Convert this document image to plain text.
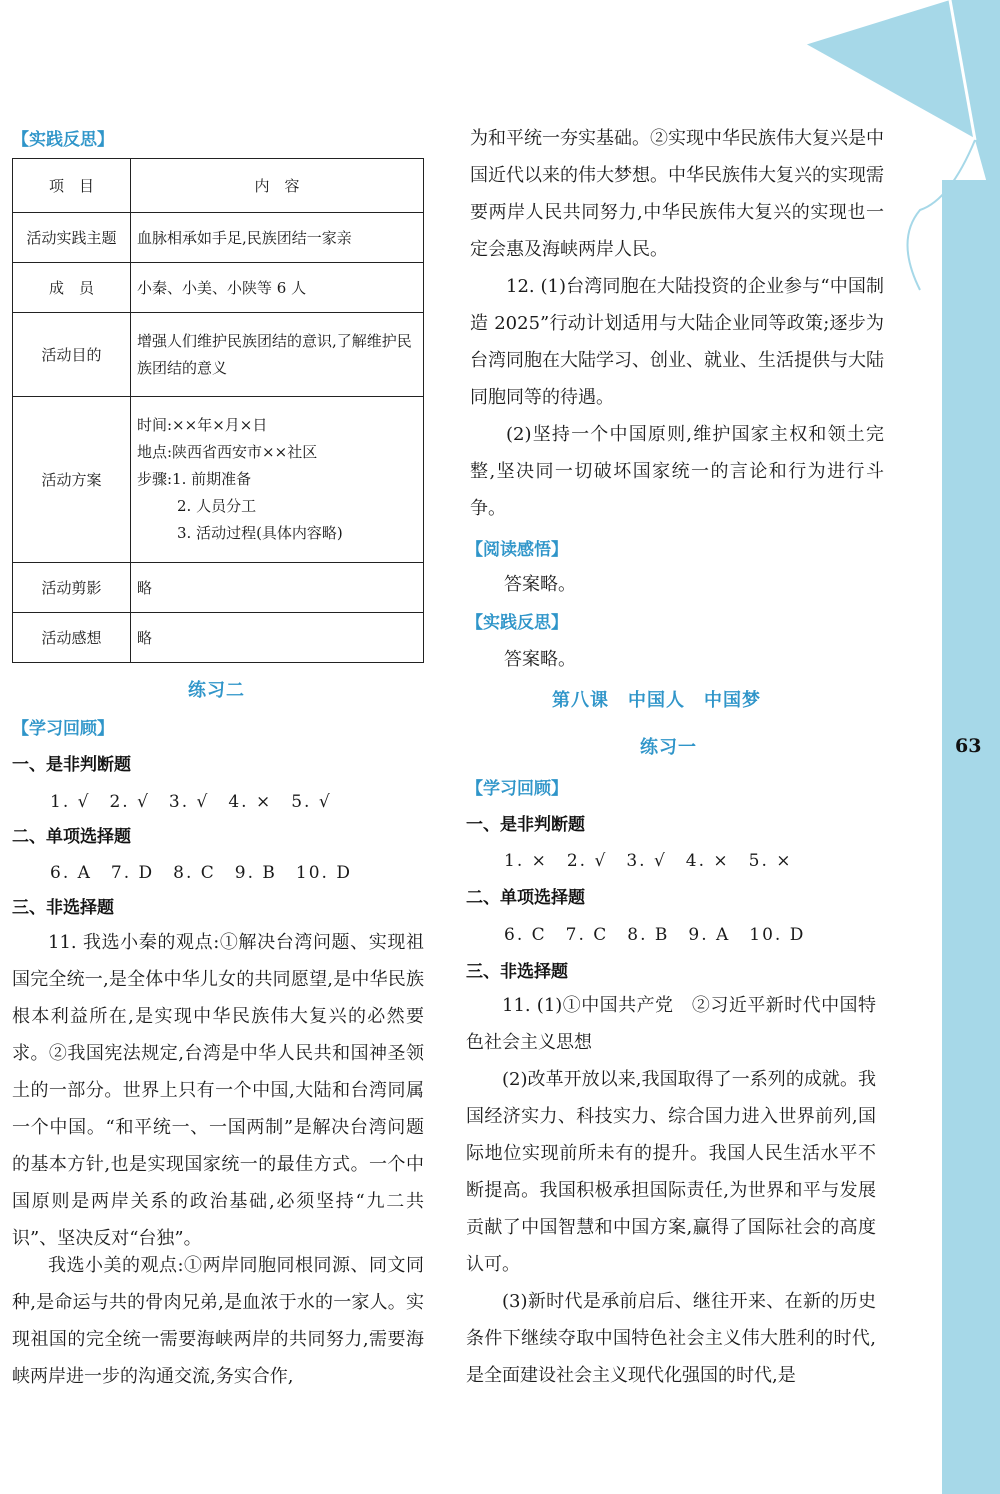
63
【实践反思】
项　目	内　容
活动实践主题	血脉相承如手足,民族团结一家亲
成　员	小秦、小美、小陕等 6 人
活动目的	增强人们维护民族团结的意识,了解维护民族团结的意义
活动方案	时间:××年×月×日
地点:陕西省西安市××社区
步骤:1. 前期准备
2. 人员分工
3. 活动过程(具体内容略)

活动剪影	略
活动感想	略
练习二
【学习回顾】
一、是非判断题
1. √　2. √　3. √　4. ×　5. √
二、单项选择题
6. A　7. D　8. C　9. B　10. D
三、非选择题
11. 我选小秦的观点:①解决台湾问题、实现祖国完全统一,是全体中华儿女的共同愿望,是中华民族根本利益所在,是实现中华民族伟大复兴的必然要求。②我国宪法规定,台湾是中华人民共和国神圣领土的一部分。世界上只有一个中国,大陆和台湾同属一个中国。“和平统一、一国两制”是解决台湾问题的基本方针,也是实现国家统一的最佳方式。一个中国原则是两岸关系的政治基础,必须坚持“九二共识”、坚决反对“台独”。
我选小美的观点:①两岸同胞同根同源、同文同种,是命运与共的骨肉兄弟,是血浓于水的一家人。实现祖国的完全统一需要海峡两岸的共同努力,需要海峡两岸进一步的沟通交流,务实合作,
为和平统一夯实基础。②实现中华民族伟大复兴是中国近代以来的伟大梦想。中华民族伟大复兴的实现需要两岸人民共同努力,中华民族伟大复兴的实现也一定会惠及海峡两岸人民。
12. (1)台湾同胞在大陆投资的企业参与“中国制造 2025”行动计划适用与大陆企业同等政策;逐步为台湾同胞在大陆学习、创业、就业、生活提供与大陆同胞同等的待遇。
(2)坚持一个中国原则,维护国家主权和领土完整,坚决同一切破坏国家统一的言论和行为进行斗争。
【阅读感悟】
答案略。
【实践反思】
答案略。
第八课　中国人　中国梦
练习一
【学习回顾】
一、是非判断题
1. ×　2. √　3. √　4. ×　5. ×
二、单项选择题
6. C　7. C　8. B　9. A　10. D
三、非选择题
11. (1)①中国共产党　②习近平新时代中国特色社会主义思想
(2)改革开放以来,我国取得了一系列的成就。我国经济实力、科技实力、综合国力进入世界前列,国际地位实现前所未有的提升。我国人民生活水平不断提高。我国积极承担国际责任,为世界和平与发展贡献了中国智慧和中国方案,赢得了国际社会的高度认可。
(3)新时代是承前启后、继往开来、在新的历史条件下继续夺取中国特色社会主义伟大胜利的时代,是全面建设社会主义现代化强国的时代,是
